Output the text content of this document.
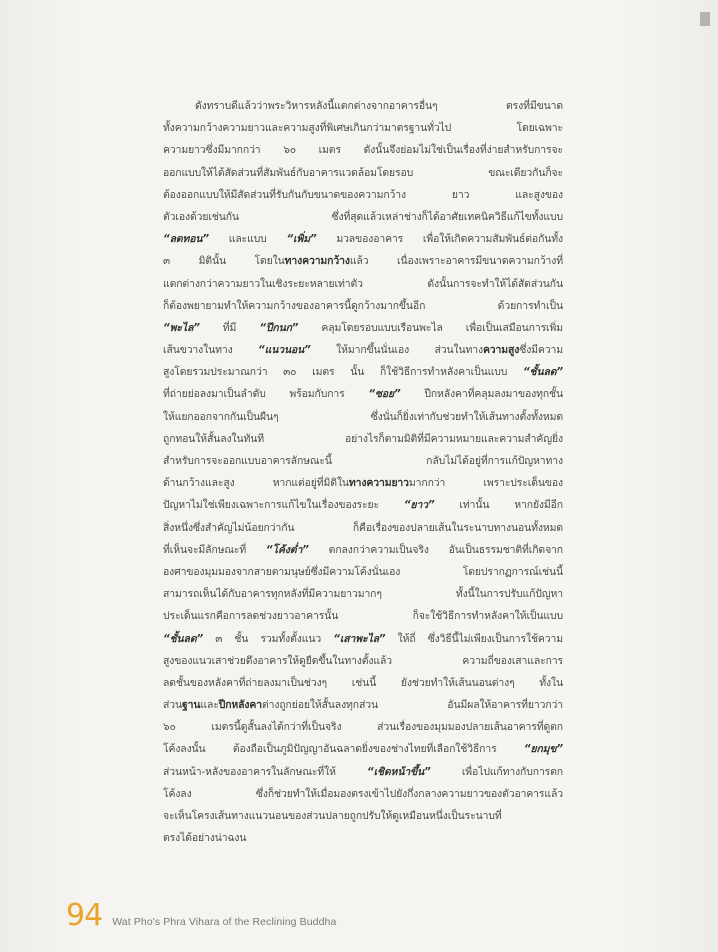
ดังทราบดีแล้วว่าพระวิหารหลังนี้แตกต่างจากอาคารอื่นๆ ตรงที่มีขนาด
ทั้งความกว้างความยาวและความสูงที่พิเศษเกินกว่ามาตรฐานทั่วไป โดยเฉพาะ
ความยาวซึ่งมีมากกว่า ๖๐ เมตร ดังนั้นจึงย่อมไม่ใช่เป็นเรื่องที่ง่ายสำหรับการจะ
ออกแบบให้ได้สัดส่วนที่สัมพันธ์กับอาคารแวดล้อมโดยรอบ ขณะเดียวกันก็จะ
ต้องออกแบบให้มีสัดส่วนที่รับกันกับขนาดของความกว้าง ยาว และสูงของ
ตัวเองด้วยเช่นกัน ซึ่งที่สุดแล้วเหล่าช่างก็ได้อาศัยเทคนิควิธีแก้ไขทั้งแบบ
“ลดทอน” และแบบ “เพิ่ม” มวลของอาคาร เพื่อให้เกิดความสัมพันธ์ต่อกันทั้ง
๓ มิตินั้น โดยในทางความกว้างแล้ว เนื่องเพราะอาคารมีขนาดความกว้างที่
แตกต่างกว่าความยาวในเชิงระยะหลายเท่าตัว ดังนั้นการจะทำให้ได้สัดส่วนกัน
ก็ต้องพยายามทำให้ความกว้างของอาคารนี้ดูกว้างมากขึ้นอีก ด้วยการทำเป็น
“พะไล” ที่มี “ปีกนก” คลุมโดยรอบแบบเรือนพะไล เพื่อเป็นเสมือนการเพิ่ม
เส้นขวางในทาง “แนวนอน” ให้มากขึ้นนั่นเอง ส่วนในทางความสูงซึ่งมีความ
สูงโดยรวมประมาณกว่า ๓๐ เมตร นั้น ก็ใช้วิธีการทำหลังคาเป็นแบบ “ชั้นลด”
ที่ถ่ายย่อลงมาเป็นลำดับ พร้อมกับการ “ซอย” ปีกหลังคาที่คลุมลงมาของทุกชั้น
ให้แยกออกจากกันเป็นผืนๆ ซึ่งนั่นก็ยิ่งเท่ากับช่วยทำให้เส้นทางตั้งทั้งหมด
ถูกทอนให้สั้นลงในทันที อย่างไรก็ตามมิติที่มีความหมายและความสำคัญยิ่ง
สำหรับการจะออกแบบอาคารลักษณะนี้ กลับไม่ได้อยู่ที่การแก้ปัญหาทาง
ด้านกว้างและสูง หากแต่อยู่ที่มิติในทางความยาวมากกว่า เพราะประเด็นของ
ปัญหาไม่ใช่เพียงเฉพาะการแก้ไขในเรื่องของระยะ “ยาว” เท่านั้น หากยังมีอีก
สิ่งหนึ่งซึ่งสำคัญไม่น้อยกว่ากัน ก็คือเรื่องของปลายเส้นในระนาบทางนอนทั้งหมด
ที่เห็นจะมีลักษณะที่ “โค้งต่ำ” ตกลงกว่าความเป็นจริง อันเป็นธรรมชาติที่เกิดจาก
องศาของมุมมองจากสายตามนุษย์ซึ่งมีความโค้งนั่นเอง โดยปรากฏการณ์เช่นนี้
สามารถเห็นได้กับอาคารทุกหลังที่มีความยาวมากๆ ทั้งนี้ในการปรับแก้ปัญหา
ประเด็นแรกคือการลดช่วงยาวอาคารนั้น ก็จะใช้วิธีการทำหลังคาให้เป็นแบบ
“ชั้นลด” ๓ ชั้น รวมทั้งตั้งแนว “เสาพะไล” ให้ถี่ ซึ่งวิธีนี้ไม่เพียงเป็นการใช้ความ
สูงของแนวเสาช่วยดึงอาคารให้ดูยืดขึ้นในทางตั้งแล้ว ความถี่ของเสาและการ
ลดชั้นของหลังคาที่ถ่ายลงมาเป็นช่วงๆ เช่นนี้ ยังช่วยทำให้เส้นนอนต่างๆ ทั้งใน
ส่วนฐานและปีกหลังคาต่างถูกย่อยให้สั้นลงทุกส่วน อันมีผลให้อาคารที่ยาวกว่า
๖๐ เมตรนี้ดูสั้นลงได้กว่าที่เป็นจริง ส่วนเรื่องของมุมมองปลายเส้นอาคารที่ดูตก
โค้งลงนั้น ต้องถือเป็นภูมิปัญญาอันฉลาดยิ่งของช่างไทยที่เลือกใช้วิธีการ “ยกมุข”
ส่วนหน้า-หลังของอาคารในลักษณะที่ให้ “เชิดหน้าขึ้น” เพื่อไปแก้ทางกับการตก
โค้งลง ซึ่งก็ช่วยทำให้เมื่อมองตรงเข้าไปยังกึ่งกลางความยาวของตัวอาคารแล้ว
จะเห็นโครงเส้นทางแนวนอนของส่วนปลายถูกปรับให้ดูเหมือนหนึ่งเป็นระนาบที่
ตรงได้อย่างน่าฉงน
94 Wat Pho's Phra Vihara of the Reclining Buddha
